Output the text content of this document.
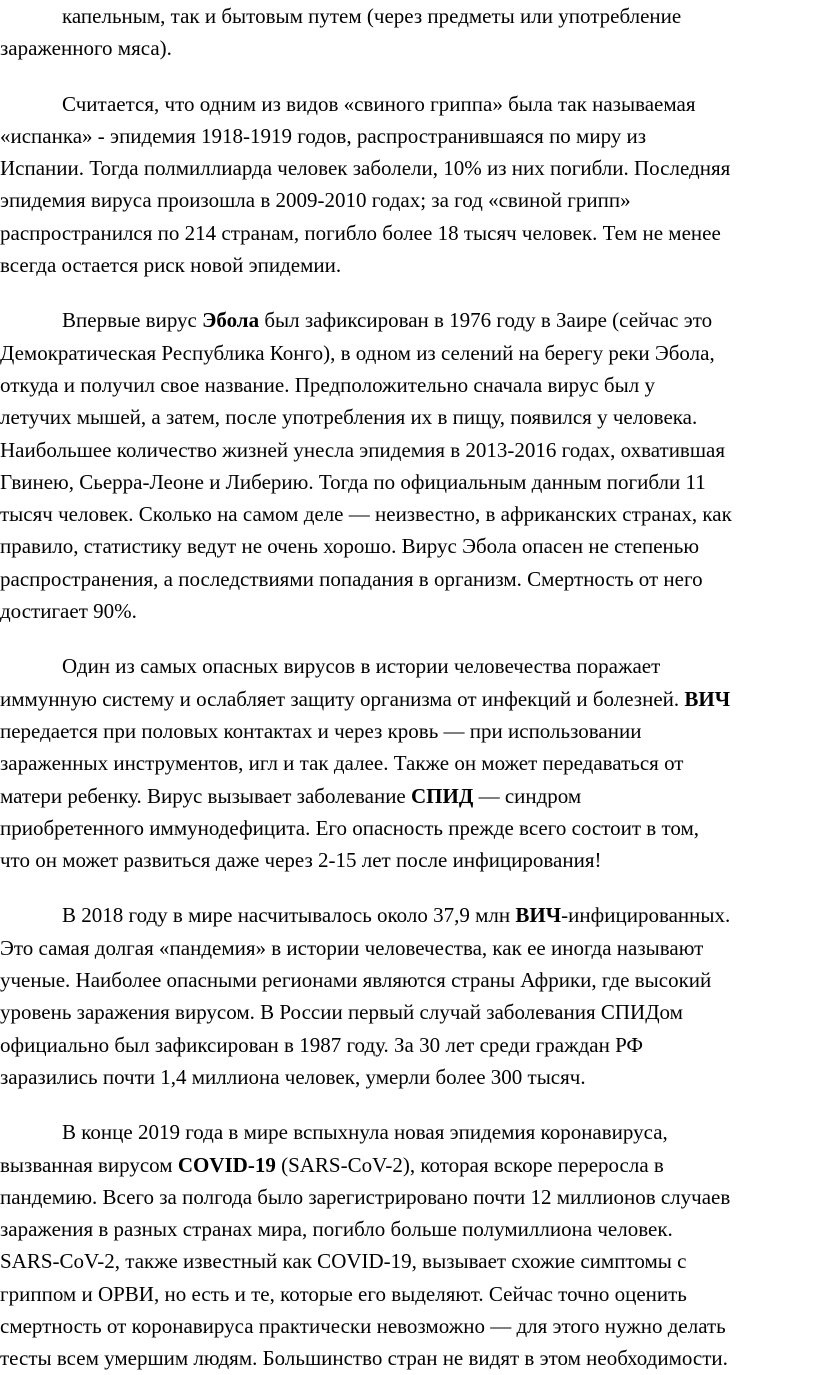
капельным, так и бытовым путем (через предметы или употребление
зараженного мяса).
Считается, что одним из видов «свиного гриппа» была так называемая
«испанка» - эпидемия 1918-1919 годов, распространившаяся по миру из
Испании. Тогда полмиллиарда человек заболели, 10% из них погибли. Последняя
эпидемия вируса произошла в 2009-2010 годах; за год «свиной грипп»
распространился по 214 странам, погибло более 18 тысяч человек. Тем не менее
всегда остается риск новой эпидемии.
Впервые вирус Эбола был зафиксирован в 1976 году в Заире (сейчас это
Демократическая Республика Конго), в одном из селений на берегу реки Эбола,
откуда и получил свое название. Предположительно сначала вирус был у
летучих мышей, а затем, после употребления их в пищу, появился у человека.
Наибольшее количество жизней унесла эпидемия в 2013-2016 годах, охватившая
Гвинею, Сьерра-Леоне и Либерию. Тогда по официальным данным погибли 11
тысяч человек. Сколько на самом деле — неизвестно, в африканских странах, как
правило, статистику ведут не очень хорошо. Вирус Эбола опасен не степенью
распространения, а последствиями попадания в организм. Смертность от него
достигает 90%.
Один из самых опасных вирусов в истории человечества поражает
иммунную систему и ослабляет защиту организма от инфекций и болезней. ВИЧ
передается при половых контактах и через кровь — при использовании
зараженных инструментов, игл и так далее. Также он может передаваться от
матери ребенку. Вирус вызывает заболевание СПИД — синдром
приобретенного иммунодефицита. Его опасность прежде всего состоит в том,
что он может развиться даже через 2-15 лет после инфицирования!
В 2018 году в мире насчитывалось около 37,9 млн ВИЧ-инфицированных.
Это самая долгая «пандемия» в истории человечества, как ее иногда называют
ученые. Наиболее опасными регионами являются страны Африки, где высокий
уровень заражения вирусом. В России первый случай заболевания СПИДом
официально был зафиксирован в 1987 году. За 30 лет среди граждан РФ
заразились почти 1,4 миллиона человек, умерли более 300 тысяч.
В конце 2019 года в мире вспыхнула новая эпидемия коронавируса,
вызванная вирусом COVID-19 (SARS-CoV-2), которая вскоре переросла в
пандемию. Всего за полгода было зарегистрировано почти 12 миллионов случаев
заражения в разных странах мира, погибло больше полумиллиона человек.
SARS-CoV-2, также известный как COVID-19, вызывает схожие симптомы с
гриппом и ОРВИ, но есть и те, которые его выделяют. Сейчас точно оценить
смертность от коронавируса практически невозможно — для этого нужно делать
тесты всем умершим людям. Большинство стран не видят в этом необходимости.
